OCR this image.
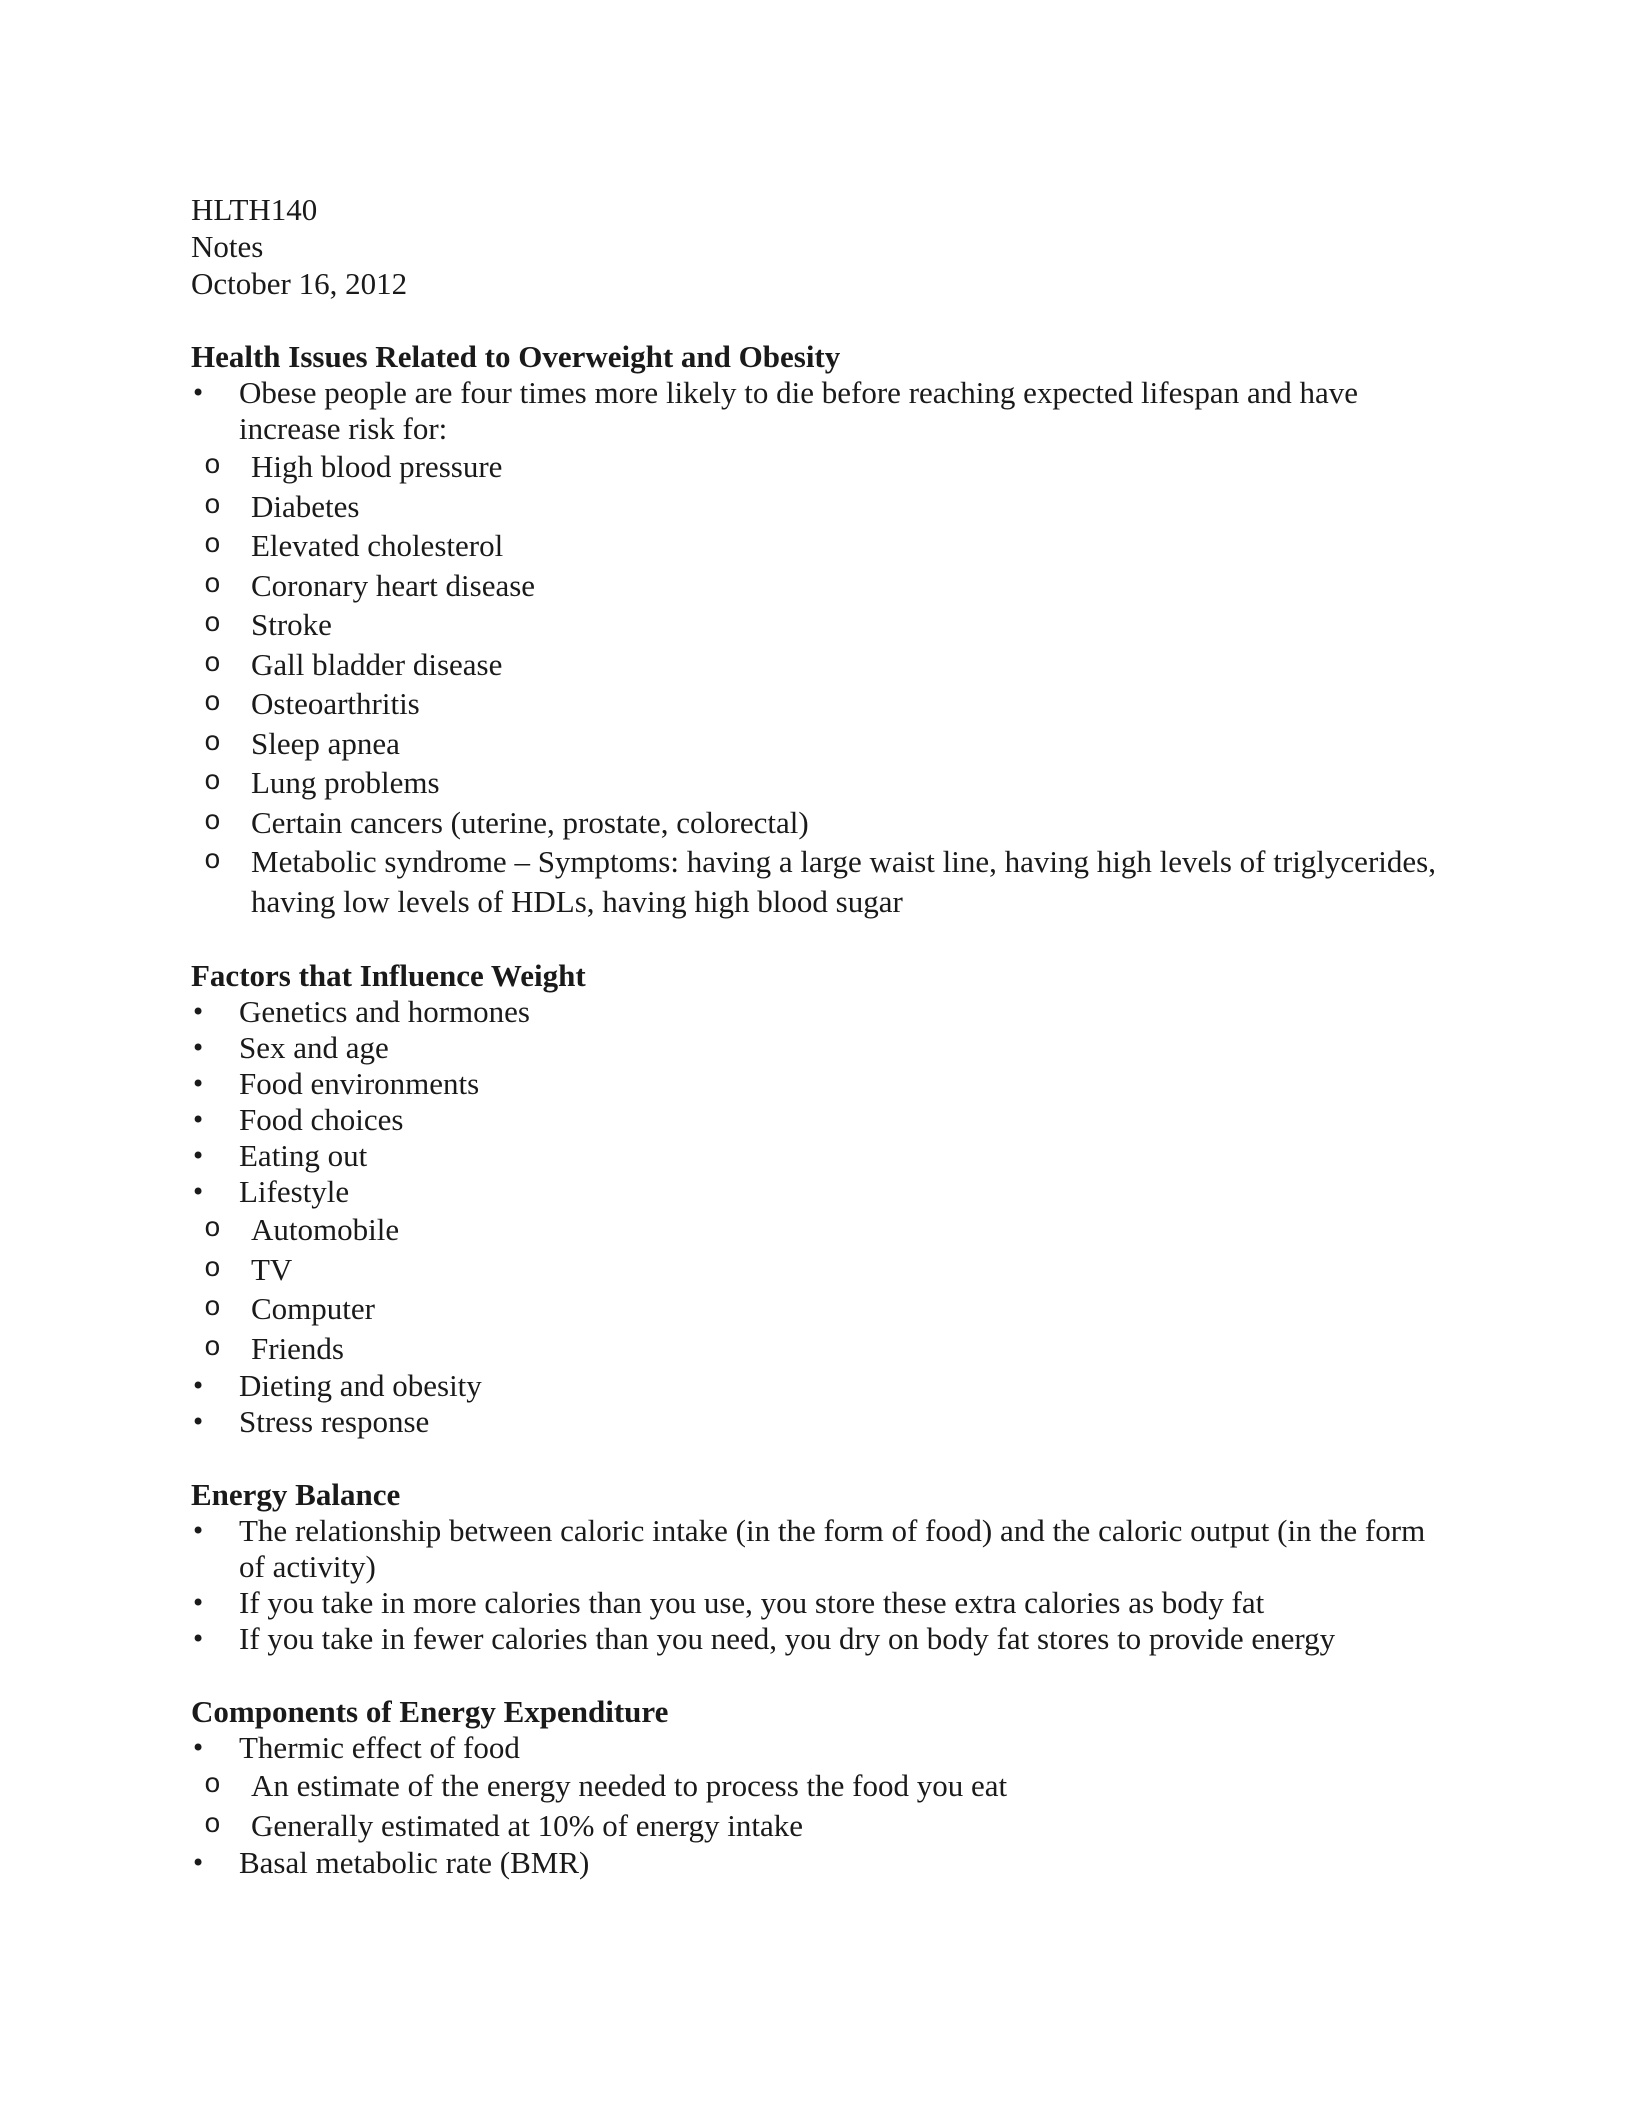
HLTH140
Notes
October 16, 2012
Health Issues Related to Overweight and Obesity
• Obese people are four times more likely to die before reaching expected lifespan and have increase risk for:
o High blood pressure
o Diabetes
o Elevated cholesterol
o Coronary heart disease
o Stroke
o Gall bladder disease
o Osteoarthritis
o Sleep apnea
o Lung problems
o Certain cancers (uterine, prostate, colorectal)
o Metabolic syndrome – Symptoms: having a large waist line, having high levels of triglycerides, having low levels of HDLs, having high blood sugar
Factors that Influence Weight
• Genetics and hormones
• Sex and age
• Food environments
• Food choices
• Eating out
• Lifestyle
o Automobile
o TV
o Computer
o Friends
• Dieting and obesity
• Stress response
Energy Balance
• The relationship between caloric intake (in the form of food) and the caloric output (in the form of activity)
• If you take in more calories than you use, you store these extra calories as body fat
• If you take in fewer calories than you need, you dry on body fat stores to provide energy
Components of Energy Expenditure
• Thermic effect of food
o An estimate of the energy needed to process the food you eat
o Generally estimated at 10% of energy intake
• Basal metabolic rate (BMR)
